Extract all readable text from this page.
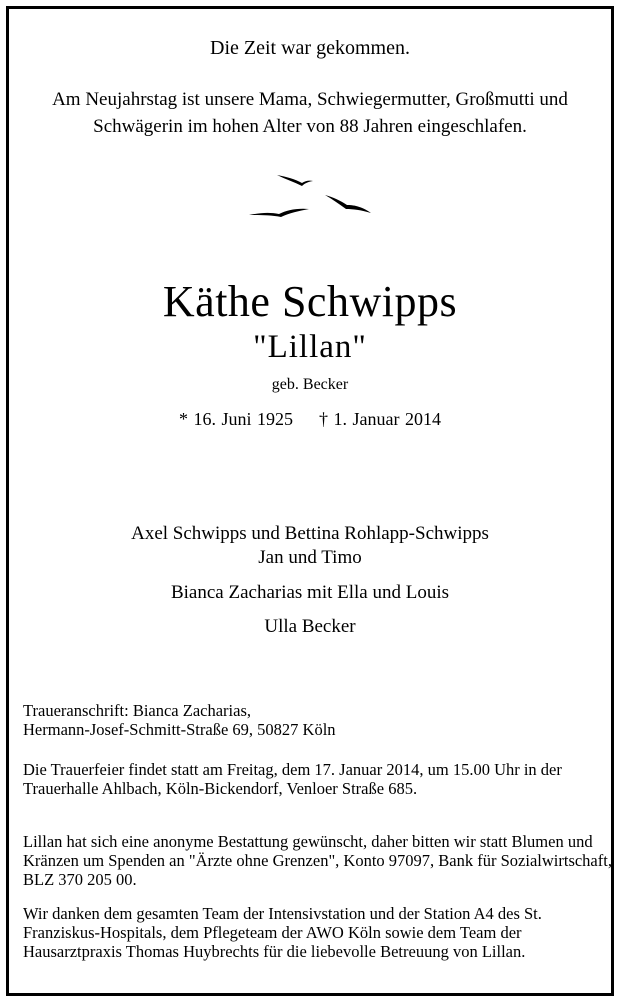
Die Zeit war gekommen.

Am Neujahrstag ist unsere Mama, Schwiegermutter, Großmutti und
Schwägerin im hohen Alter von 88 Jahren eingeschlafen.

Käthe Schwipps

"Lillan"

geb. Becker

* 16. Juni 1925 † 1. Januar 2014

Axel Schwipps und Bettina Rohlapp-Schwipps

Jan und Timo

Bianca Zacharias mit Ella und Louis

Ulla Becker

Traueranschrift: Bianca Zacharias,
Hermann-Josef-Schmitt-Straße 69, 50827 Köln

Die Trauerfeier findet statt am Freitag, dem 17. Januar 2014, um 15.00 Uhr in der Trauerhalle Ahlbach, Köln-Bickendorf, Venloer Straße 685.

Lillan hat sich eine anonyme Bestattung gewünscht, daher bitten wir statt Blumen und Kränzen um Spenden an "Ärzte ohne Grenzen", Konto 97097, Bank für Sozialwirtschaft, BLZ 370 205 00.

Wir danken dem gesamten Team der Intensivstation und der Station A4 des St. Franziskus-Hospitals, dem Pflegeteam der AWO Köln sowie dem Team der Hausarztpraxis Thomas Huybrechts für die liebevolle Betreuung von Lillan.
